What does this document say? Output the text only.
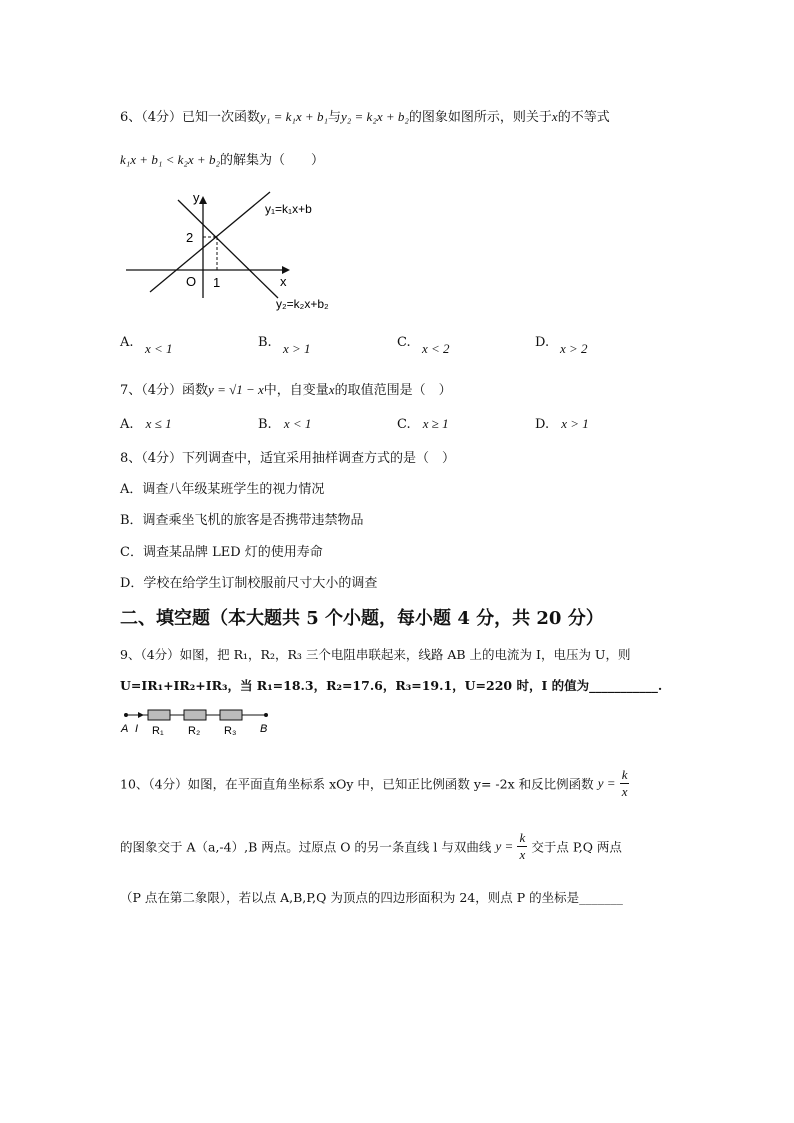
6、（4分）已知一次函数y₁ = k₁x + b₁与y₂ = k₂x + b₂的图象如图所示，则关于x的不等式
k₁x + b₁ < k₂x + b₂的解集为（　　）
y
x
O 1
2
y₁=k₁x+b
y₂=k₂x+b₂
A. x < 1	B. x > 1	C. x < 2	D. x > 2
7、（4分）函数y = √1 − x中，自变量x的取值范围是（　）
A. x ≤ 1	B. x < 1	C. x ≥ 1	D. x > 1
8、（4分）下列调查中，适宜采用抽样调查方式的是（　）
A．调查八年级某班学生的视力情况
B．调查乘坐飞机的旅客是否携带违禁物品
C．调查某品牌 LED 灯的使用寿命
D．学校在给学生订制校服前尺寸大小的调查
二、填空题（本大题共 5 个小题，每小题 4 分，共 20 分）
9、（4分）如图，把 R₁，R₂，R₃ 三个电阻串联起来，线路 AB 上的电流为 I，电压为 U，则
U=IR₁+IR₂+IR₃，当 R₁=18.3，R₂=17.6，R₃=19.1，U=220 时，I 的值为___________.
A I R₁ R₂ R₃ B
10、（4分）如图，在平面直角坐标系 xOy 中，已知正比例函数 y= -2x 和反比例函数 $y = \frac{k}{x}$
的图象交于 A（a,-4）,B 两点。过原点 O 的另一条直线 l 与双曲线 $y = \frac{k}{x}$ 交于点 P,Q 两点
（P 点在第二象限），若以点 A,B,P,Q 为顶点的四边形面积为 24，则点 P 的坐标是_______
